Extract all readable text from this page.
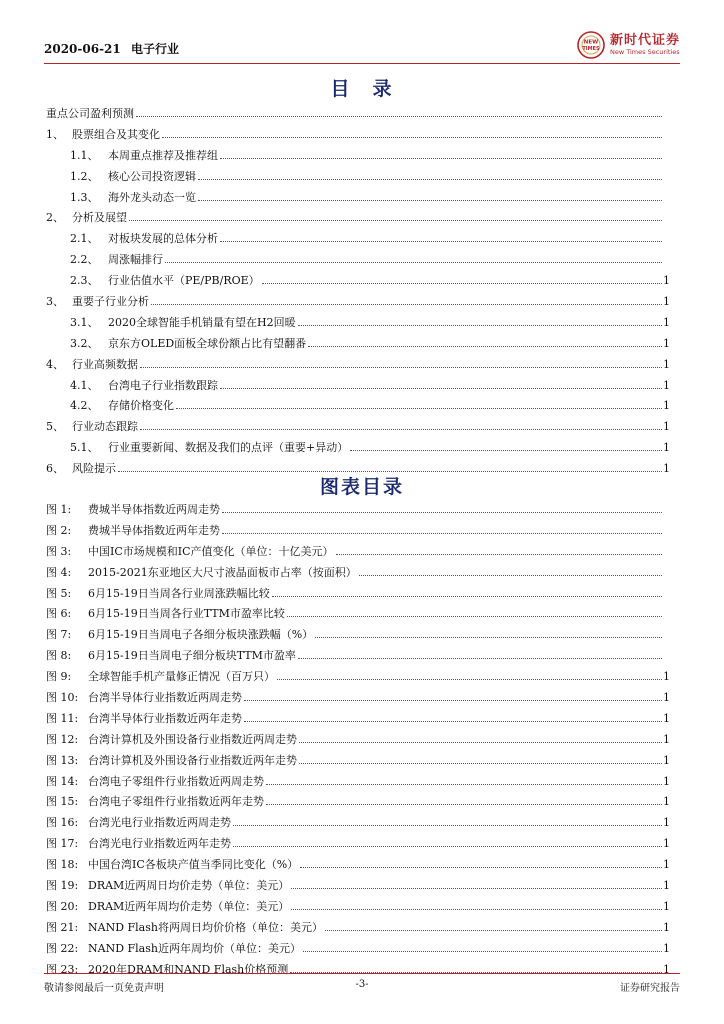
2020-06-21 电子行业	NEW
TIMES
新时代证券
New Times Securities
目　录
重点公司盈利预测
1、 股票组合及其变化
1.1、 本周重点推荐及推荐组
1.2、 核心公司投资逻辑
1.3、 海外龙头动态一览
2、 分析及展望
2.1、 对板块发展的总体分析
2.2、 周涨幅排行
2.3、 行业估值水平（PE/PB/ROE）	1
3、 重要子行业分析	1
3.1、 2020全球智能手机销量有望在H2回暖	1
3.2、 京东方OLED面板全球份额占比有望翻番	1
4、 行业高频数据	1
4.1、 台湾电子行业指数跟踪	1
4.2、 存储价格变化	1
5、 行业动态跟踪	1
5.1、 行业重要新闻、数据及我们的点评（重要+异动）	1
6、 风险提示	1
图表目录
图 1:	费城半导体指数近两周走势
图 2:	费城半导体指数近两年走势
图 3:	中国IC市场规模和IC产值变化（单位：十亿美元）
图 4:	2015-2021东亚地区大尺寸液晶面板市占率（按面积）
图 5:	6月15-19日当周各行业周涨跌幅比较
图 6:	6月15-19日当周各行业TTM市盈率比较
图 7:	6月15-19日当周电子各细分板块涨跌幅（%）
图 8:	6月15-19日当周电子细分板块TTM市盈率
图 9:	全球智能手机产量修正情况（百万只）	1
图 10: 台湾半导体行业指数近两周走势	1
图 11: 台湾半导体行业指数近两年走势	1
图 12: 台湾计算机及外围设备行业指数近两周走势	1
图 13: 台湾计算机及外围设备行业指数近两年走势	1
图 14: 台湾电子零组件行业指数近两周走势	1
图 15: 台湾电子零组件行业指数近两年走势	1
图 16: 台湾光电行业指数近两周走势	1
图 17: 台湾光电行业指数近两年走势	1
图 18: 中国台湾IC各板块产值当季同比变化（%）	1
图 19: DRAM近两周日均价走势（单位：美元）	1
图 20: DRAM近两年周均价走势（单位：美元）	1
图 21: NAND Flash将两周日均价价格（单位：美元）	1
图 22: NAND Flash近两年周均价（单位：美元）	1
图 23: 2020年DRAM和NAND Flash价格预测	1
敬请参阅最后一页免责声明	-3-	证券研究报告
